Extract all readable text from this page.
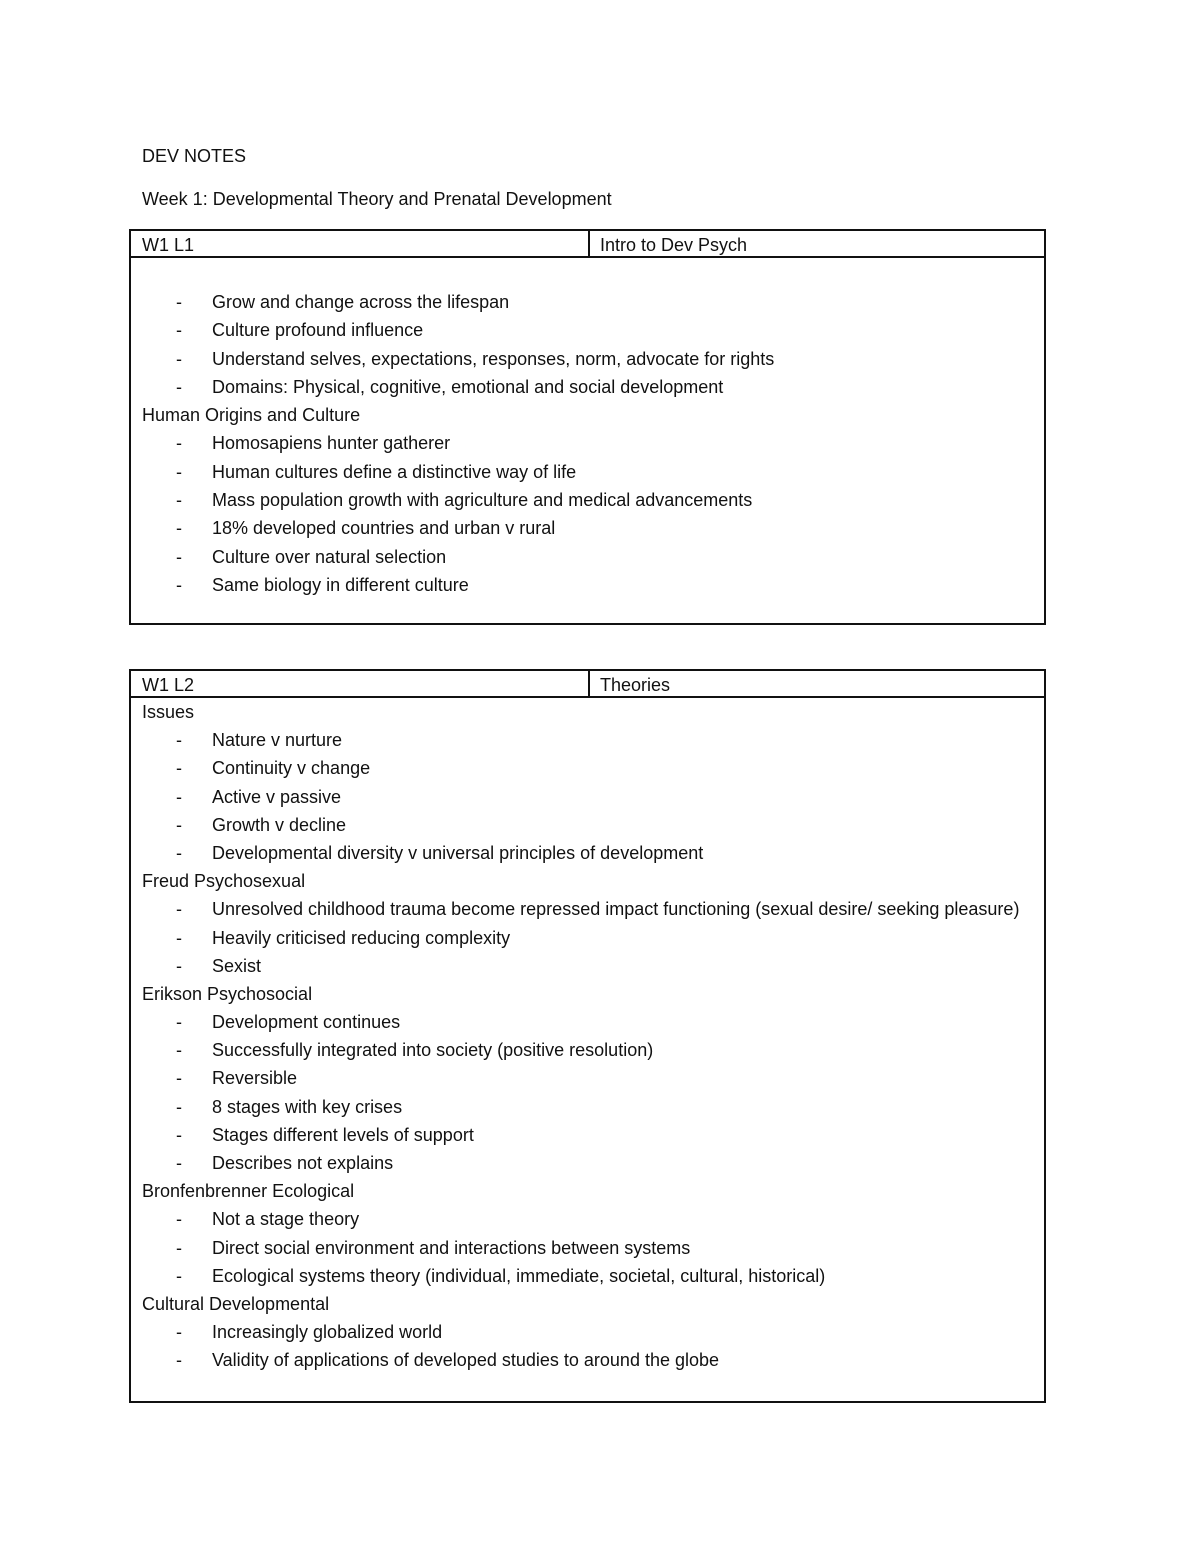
DEV NOTES
Week 1: Developmental Theory and Prenatal Development
W1 L1	Intro to Dev Psych
- Grow and change across the lifespan
- Culture profound influence
- Understand selves, expectations, responses, norm, advocate for rights
- Domains: Physical, cognitive, emotional and social development
Human Origins and Culture
- Homosapiens hunter gatherer
- Human cultures define a distinctive way of life
- Mass population growth with agriculture and medical advancements
- 18% developed countries and urban v rural
- Culture over natural selection
- Same biology in different culture
W1 L2	Theories
Issues
- Nature v nurture
- Continuity v change
- Active v passive
- Growth v decline
- Developmental diversity v universal principles of development
Freud Psychosexual
- Unresolved childhood trauma become repressed impact functioning (sexual desire/ seeking pleasure)
- Heavily criticised reducing complexity
- Sexist
Erikson Psychosocial
- Development continues
- Successfully integrated into society (positive resolution)
- Reversible
- 8 stages with key crises
- Stages different levels of support
- Describes not explains
Bronfenbrenner Ecological
- Not a stage theory
- Direct social environment and interactions between systems
- Ecological systems theory (individual, immediate, societal, cultural, historical)
Cultural Developmental
- Increasingly globalized world
- Validity of applications of developed studies to around the globe
